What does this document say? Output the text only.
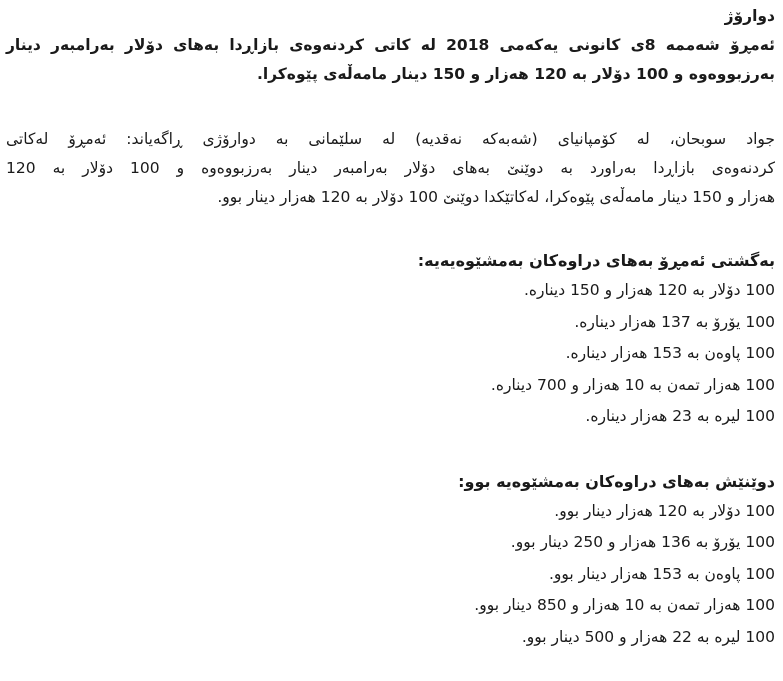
دوارۆژ
ئەمڕۆ شەممە 8ی كانونی یەكەمی 2018 لە كاتی كردنەوەی بازاڕدا بەهای دۆلار بەرامبەر دینار
بەرزبووەوە و 100 دۆلار بە 120 هەزار و 150 دینار مامەڵەی پێوەكرا.
جواد سوبحان، لە كۆمپانیای (شەبەكە نەقدیە) لە سلێمانی بە دوارۆژی ڕاگەیاند: ئەمڕۆ لەكاتی
كردنەوەی بازاڕدا بەراورد بە دوێنێ بەهای دۆلار بەرامبەر دینار بەرزبووەوە و 100 دۆلار بە 120
هەزار و 150 دینار مامەڵەی پێوەكرا، لەكاتێكدا دوێنێ 100 دۆلار بە 120 هەزار دینار بوو.
بەگشتی ئەمڕۆ بەهای دراوەكان بەمشێوەیەیە:
100 دۆلار بە 120 هەزار و 150 دینارە.
100 یۆرۆ بە 137 هەزار دینارە.
100 پاوەن بە 153 هەزار دینارە.
100 هەزار تمەن بە 10 هەزار و 700 دینارە.
100 لیرە بە 23 هەزار دینارە.
دوێنێش بەهای دراوەكان بەمشێوەیە بوو:
100 دۆلار بە 120 هەزار دینار بوو.
100 یۆرۆ بە 136 هەزار و 250 دینار بوو.
100 پاوەن بە 153 هەزار دینار بوو.
100 هەزار تمەن بە 10 هەزار و 850 دینار بوو.
100 لیرە بە 22 هەزار و 500 دینار بوو.
